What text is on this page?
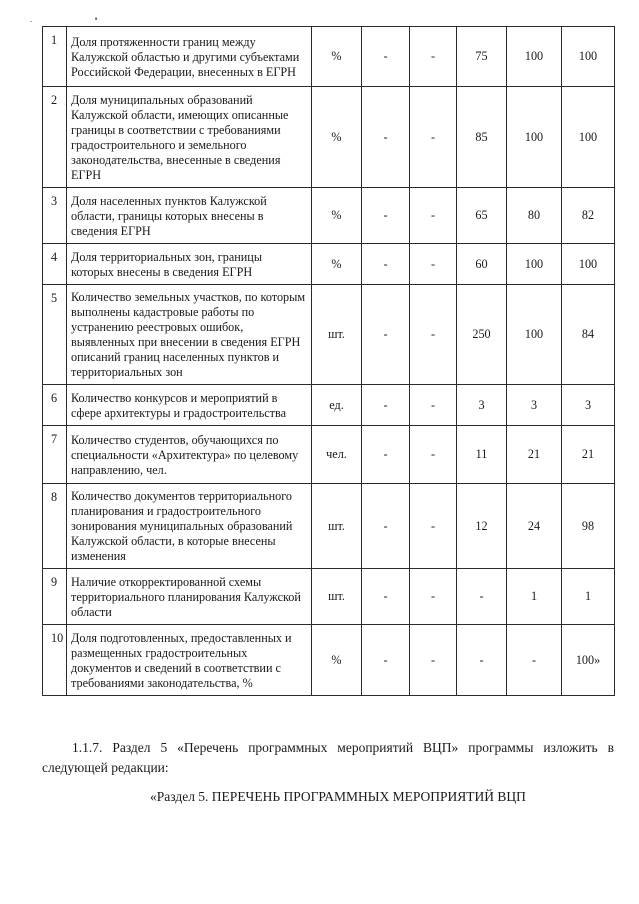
. •
1	Доля протяженности границ между Калужской областью и другими субъектами Российской Федерации, внесенных в ЕГРН	%	-	-	75	100	100
2	Доля муниципальных образований Калужской области, имеющих описанные границы в соответствии с требованиями градостроительного и земельного законодательства, внесенные в сведения ЕГРН	%	-	-	85	100	100
3	Доля населенных пунктов Калужской области, границы которых внесены в сведения ЕГРН	%	-	-	65	80	82
4	Доля территориальных зон, границы которых внесены в сведения ЕГРН	%	-	-	60	100	100
5	Количество земельных участков, по которым выполнены кадастровые работы по устранению реестровых ошибок, выявленных при внесении в сведения ЕГРН описаний границ населенных пунктов и территориальных зон	шт.	-	-	250	100	84
6	Количество конкурсов и мероприятий в сфере архитектуры и градостроительства	ед.	-	-	3	3	3
7	Количество студентов, обучающихся по специальности «Архитектура» по целевому направлению, чел.	чел.	-	-	11	21	21
8	Количество документов территориального планирования и градостроительного зонирования муниципальных образований Калужской области, в которые внесены изменения	шт.	-	-	12	24	98
9	Наличие откорректированной схемы территориального планирования Калужской области	шт.	-	-	-	1	1
10	Доля подготовленных, предоставленных и размещенных градостроительных документов и сведений в соответствии с требованиями законодательства, %	%	-	-	-	-	100»

1.1.7. Раздел 5 «Перечень программных мероприятий ВЦП» программы изложить в следующей редакции:

«Раздел 5. ПЕРЕЧЕНЬ ПРОГРАММНЫХ МЕРОПРИЯТИЙ ВЦП
